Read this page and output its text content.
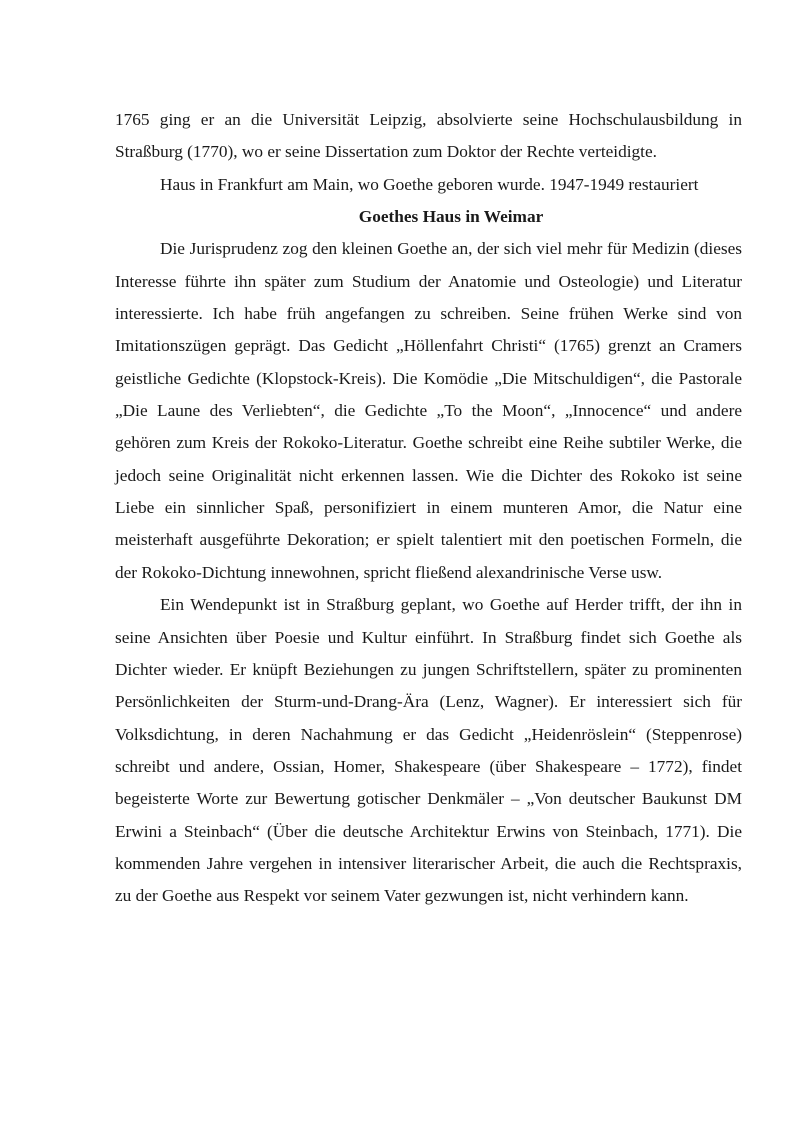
1765 ging er an die Universität Leipzig, absolvierte seine Hochschulausbildung in Straßburg (1770), wo er seine Dissertation zum Doktor der Rechte verteidigte.

Haus in Frankfurt am Main, wo Goethe geboren wurde. 1947-1949 restauriert

Goethes Haus in Weimar

Die Jurisprudenz zog den kleinen Goethe an, der sich viel mehr für Medizin (dieses Interesse führte ihn später zum Studium der Anatomie und Osteologie) und Literatur interessierte. Ich habe früh angefangen zu schreiben. Seine frühen Werke sind von Imitationszügen geprägt. Das Gedicht „Höllenfahrt Christi“ (1765) grenzt an Cramers geistliche Gedichte (Klopstock-Kreis). Die Komödie „Die Mitschuldigen“, die Pastorale „Die Laune des Verliebten“, die Gedichte „To the Moon“, „Innocence“ und andere gehören zum Kreis der Rokoko-Literatur. Goethe schreibt eine Reihe subtiler Werke, die jedoch seine Originalität nicht erkennen lassen. Wie die Dichter des Rokoko ist seine Liebe ein sinnlicher Spaß, personifiziert in einem munteren Amor, die Natur eine meisterhaft ausgeführte Dekoration; er spielt talentiert mit den poetischen Formeln, die der Rokoko-Dichtung innewohnen, spricht fließend alexandrinische Verse usw.

Ein Wendepunkt ist in Straßburg geplant, wo Goethe auf Herder trifft, der ihn in seine Ansichten über Poesie und Kultur einführt. In Straßburg findet sich Goethe als Dichter wieder. Er knüpft Beziehungen zu jungen Schriftstellern, später zu prominenten Persönlichkeiten der Sturm-und-Drang-Ära (Lenz, Wagner). Er interessiert sich für Volksdichtung, in deren Nachahmung er das Gedicht „Heidenröslein“ (Steppenrose) schreibt und andere, Ossian, Homer, Shakespeare (über Shakespeare – 1772), findet begeisterte Worte zur Bewertung gotischer Denkmäler – „Von deutscher Baukunst DM Erwini a Steinbach“ (Über die deutsche Architektur Erwins von Steinbach, 1771). Die kommenden Jahre vergehen in intensiver literarischer Arbeit, die auch die Rechtspraxis, zu der Goethe aus Respekt vor seinem Vater gezwungen ist, nicht verhindern kann.
